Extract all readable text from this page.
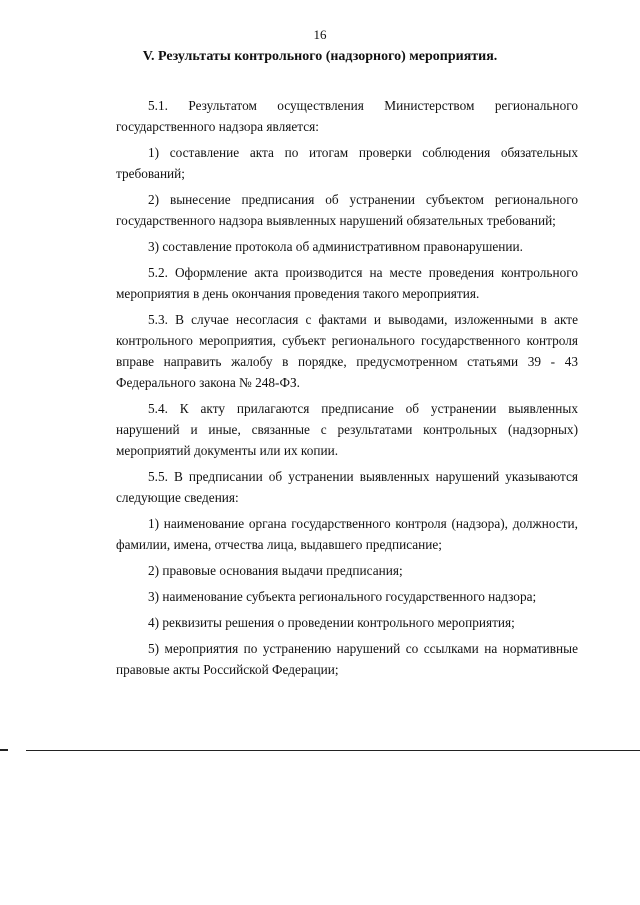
16
V. Результаты контрольного (надзорного) мероприятия.

5.1. Результатом осуществления Министерством регионального государственного надзора является:

1) составление акта по итогам проверки соблюдения обязательных требований;

2) вынесение предписания об устранении субъектом регионального государственного надзора выявленных нарушений обязательных требований;

3) составление протокола об административном правонарушении.

5.2. Оформление акта производится на месте проведения контрольного мероприятия в день окончания проведения такого мероприятия.

5.3. В случае несогласия с фактами и выводами, изложенными в акте контрольного мероприятия, субъект регионального государственного контроля вправе направить жалобу в порядке, предусмотренном статьями 39 - 43 Федерального закона № 248-ФЗ.

5.4. К акту прилагаются предписание об устранении выявленных нарушений и иные, связанные с результатами контрольных (надзорных) мероприятий документы или их копии.

5.5. В предписании об устранении выявленных нарушений указываются следующие сведения:

1) наименование органа государственного контроля (надзора), должности, фамилии, имена, отчества лица, выдавшего предписание;

2) правовые основания выдачи предписания;

3) наименование субъекта регионального государственного надзора;

4) реквизиты решения о проведении контрольного мероприятия;

5) мероприятия по устранению нарушений со ссылками на нормативные правовые акты Российской Федерации;
